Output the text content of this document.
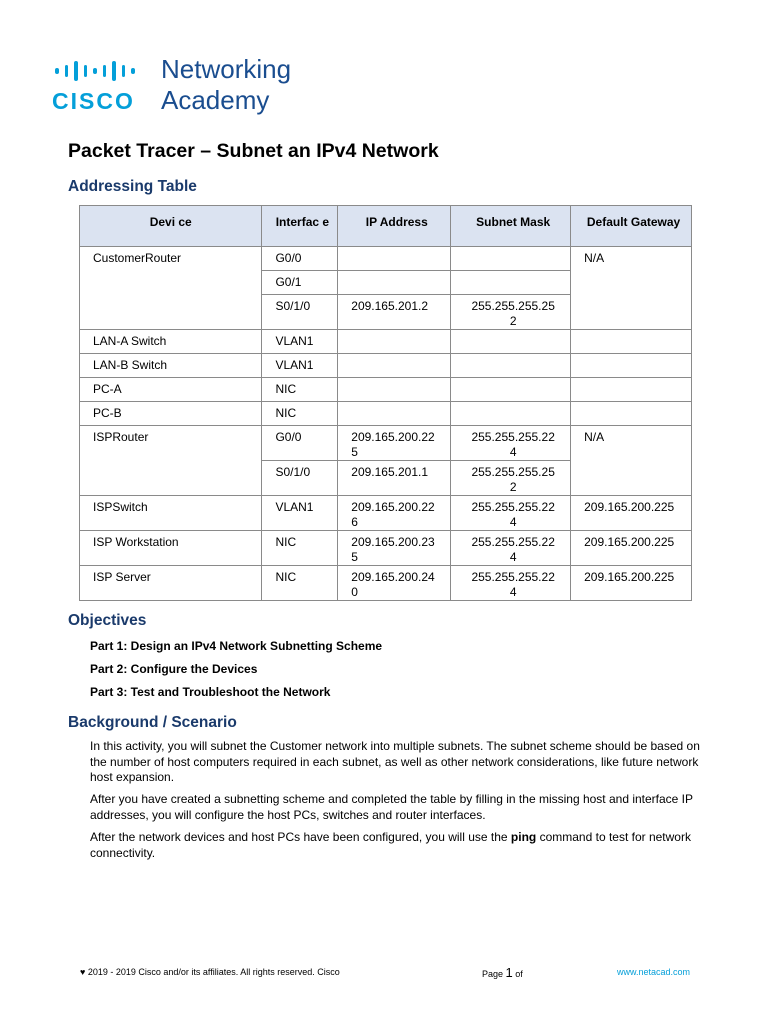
CISCO
Networking
Academy
Packet Tracer – Subnet an IPv4 Network
Addressing Table
Devi ce	Interfac e	IP Address	Subnet Mask	Default Gateway
CustomerRouter	G0/0			N/A
	G0/1			
	S0/1/0	209.165.201.2	255.255.255.252	

LAN-A Switch	VLAN1			
LAN-B Switch	VLAN1			
PC-A	NIC			
PC-B	NIC			
ISPRouter	G0/0	209.165.200.225	255.255.255.224	N/A
	S0/1/0	209.165.201.1	255.255.255.252	

ISPSwitch	VLAN1	209.165.200.226	255.255.255.224	209.165.200.225
ISP Workstation	NIC	209.165.200.235	255.255.255.224	209.165.200.225
ISP Server	NIC	209.165.200.240	255.255.255.224	209.165.200.225
Objectives
Part 1: Design an IPv4 Network Subnetting Scheme
Part 2: Configure the Devices
Part 3: Test and Troubleshoot the Network
Background / Scenario

In this activity, you will subnet the Customer network into multiple subnets. The subnet scheme should be based on the number of host computers required in each subnet, as well as other network considerations, like future network host expansion.

After you have created a subnetting scheme and completed the table by filling in the missing host and interface IP addresses, you will configure the host PCs, switches and router interfaces.

After the network devices and host PCs have been configured, you will use the ping command to test for network connectivity.

♥ 2019 - 2019 Cisco and/or its affiliates. All rights reserved. Cisco	Page 1 of	www.netacad.com
